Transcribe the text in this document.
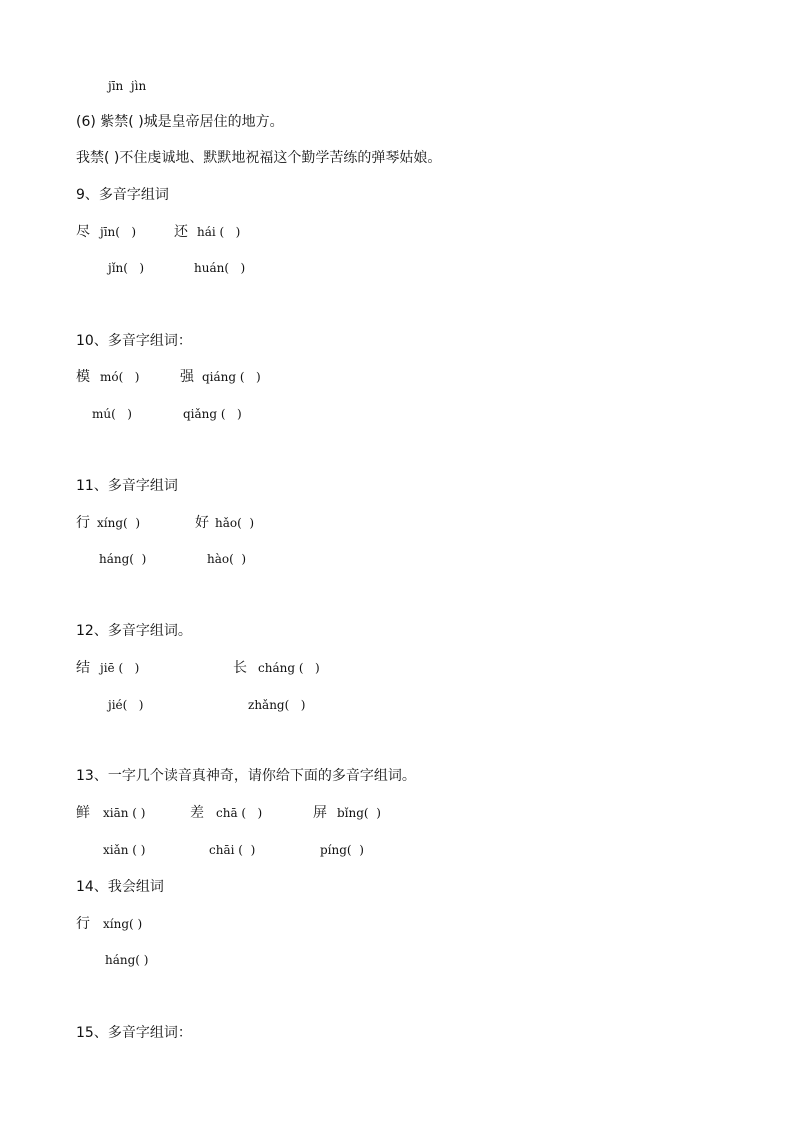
jīn  jìn
(6) 紫禁( )城是皇帝居住的地方。
我禁( )不住虔诚地、默默地祝福这个勤学苦练的弹琴姑娘。
9、多音字组词
尽 jīn(   )	还 hái (   )
jǐn(   )	huán(   )
10、多音字组词：
模 mó(   )	强 qiáng (   )
mú(   )	qiǎng (   )
11、多音字组词
行 xíng(  )	好 hǎo(  )
háng(  )	hào(  )
12、多音字组词。
结 jiē (   )	长 cháng (   )
jié(   )	zhǎng(   )
13、一字几个读音真神奇，请你给下面的多音字组词。
鲜 xiān ( )	差 chā (   )	屏 bǐng(  )
xiǎn ( )	chāi (  )	píng(  )
14、我会组词
行 xíng( )
háng( )
15、多音字组词：
